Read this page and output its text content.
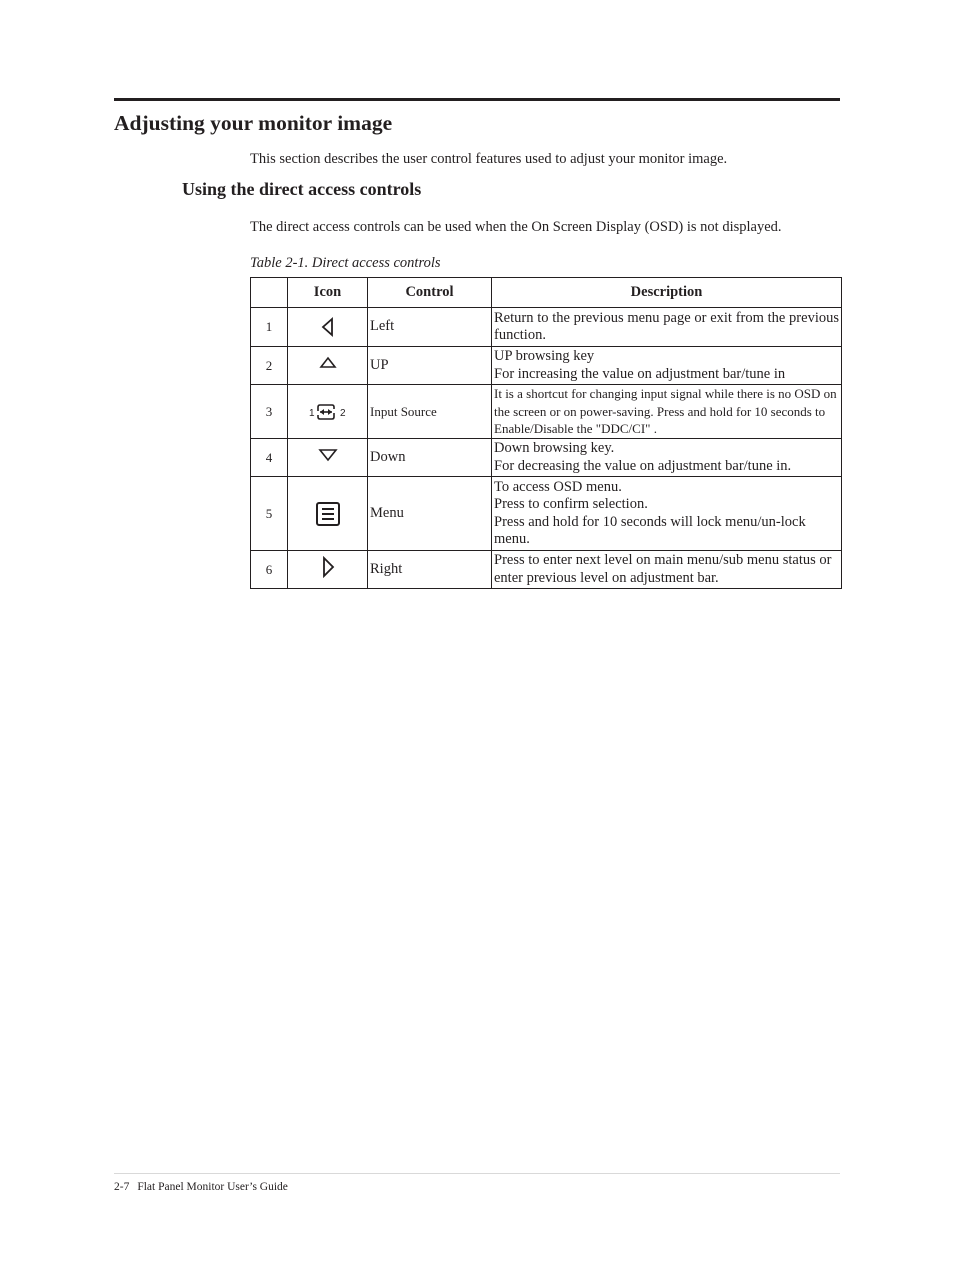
Adjusting your monitor image
This section describes the user control features used to adjust your monitor image.
Using the direct access controls
The direct access controls can be used when the On Screen Display (OSD) is not displayed.
Table 2-1. Direct access controls
	Icon	Control	Description
1		Left	Return to the previous menu page or exit from the previous function.

2		UP	UP browsing key
For increasing the value on adjustment bar/tune in

3	1 2	Input Source	It is a shortcut for changing input signal while there is no OSD on the screen or on power-saving. Press and hold for 10 seconds to Enable/Disable the "DDC/CI" .

4		Down	Down browsing key.
For decreasing the value on adjustment bar/tune in.

5		Menu	To access OSD menu.
Press to confirm selection.
Press and hold for 10 seconds will lock menu/un-lock menu.

6		Right	Press to enter next level on main menu/sub menu status or enter previous level on adjustment bar.
2-7 Flat Panel Monitor User’s Guide
